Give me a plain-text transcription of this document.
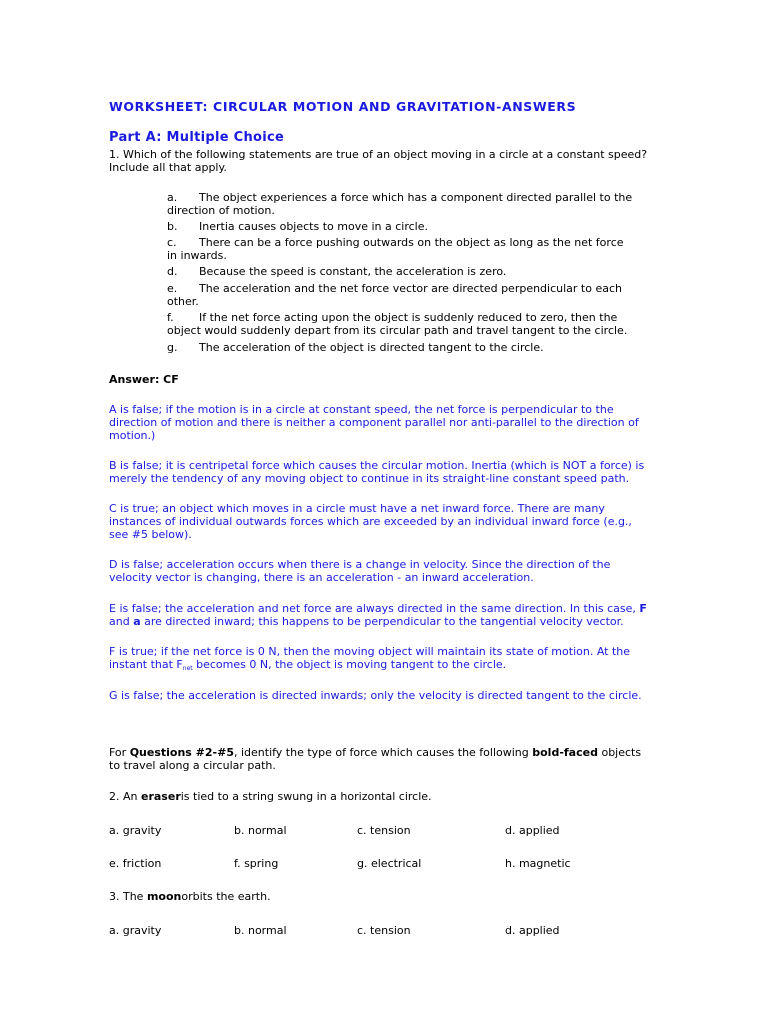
WORKSHEET: CIRCULAR MOTION AND GRAVITATION-ANSWERS
Part A: Multiple Choice
1. Which of the following statements are true of an object moving in a circle at a constant speed? Include all that apply.
a. The object experiences a force which has a component directed parallel to the
direction of motion.
b. Inertia causes objects to move in a circle.
c. There can be a force pushing outwards on the object as long as the net force
in inwards.
d. Because the speed is constant, the acceleration is zero.
e. The acceleration and the net force vector are directed perpendicular to each
other.
f. If the net force acting upon the object is suddenly reduced to zero, then the
object would suddenly depart from its circular path and travel tangent to the circle.
g. The acceleration of the object is directed tangent to the circle.
Answer: CF
A is false; if the motion is in a circle at constant speed, the net force is perpendicular to the direction of motion and there is neither a component parallel nor anti-parallel to the direction of motion.)
B is false; it is centripetal force which causes the circular motion. Inertia (which is NOT a force) is merely the tendency of any moving object to continue in its straight-line constant speed path.
C is true; an object which moves in a circle must have a net inward force. There are many instances of individual outwards forces which are exceeded by an individual inward force (e.g., see #5 below).
D is false; acceleration occurs when there is a change in velocity. Since the direction of the velocity vector is changing, there is an acceleration - an inward acceleration.
E is false; the acceleration and net force are always directed in the same direction. In this case, F and a are directed inward; this happens to be perpendicular to the tangential velocity vector.
F is true; if the net force is 0 N, then the moving object will maintain its state of motion. At the instant that $F_{net}$ becomes 0 N, the object is moving tangent to the circle.
G is false; the acceleration is directed inwards; only the velocity is directed tangent to the circle.
For Questions #2-#5, identify the type of force which causes the following bold-faced objects to travel along a circular path.
2. An eraseris tied to a string swung in a horizontal circle.
a. gravity	b. normal	c. tension	d. applied
e. friction	f. spring	g. electrical	h. magnetic
3. The moonorbits the earth.
a. gravity	b. normal	c. tension	d. applied
